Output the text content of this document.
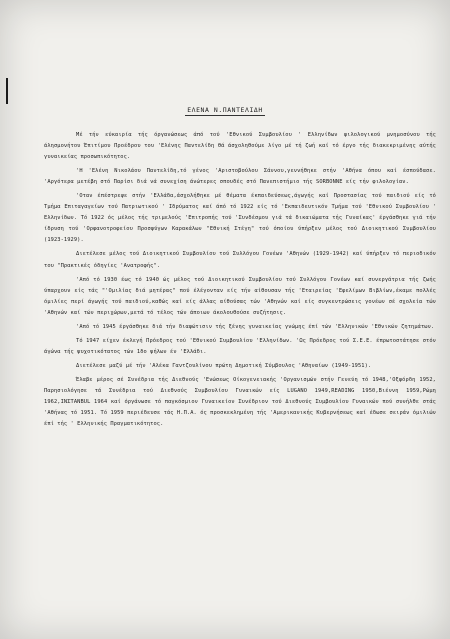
ΕΛΕΝΑ Ν.ΠΑΝΤΕΛΙΔΗ

Μέ τήν εύκαιρία τής όργανώσεως άπό τού 'Εθνικού Συμβουλίου ' Ελληνίδων φιλολογικού μνημοσύνου τής άλησμονήτου Έπιτίμου Προέδρου του 'Ελένης Παντελίδη θά άσχοληθούμε λίγο μέ τή ζωή καί τό έργο τής διακεκριμένης αύτής γυναικείας προσωπικότητος.

'Η 'Ελένη Νικολάου Παντελίδη,τό γένος 'Αριστοβούλου Σάννου,γεννήθηκε στήν 'Αθήνα όπου καί έσπούδασε. 'Αργότερα μετέβη στό Παρίσι διά νά συνεχίση άνώτερες σπουδές στό Πανεπιστήμιο τής SORBONNE είς τήν φιλολογίαν.

'Οταν έπέστρεψε στήν 'Ελλάδα,άσχολήθηκε μέ θέματα έκπαιδεύσεως,άγωγής καί Προστασίας τού παιδιού είς τό Τμήμα Επιταγαγείων τού Πατριωτικού ' Ιδρύματος καί άπό τό 1922 είς τό 'Εκπαιδευτικόν Τμήμα τού 'Εθνικού Συμβουλίου ' Ελληνίδων. Τό 1922 ός μέλος τής τριμελούς 'Επιτροπής τού 'Συνδέσμου γιά τά δικαιώματα τής Γυναίκας' έργάσθηκε γιά τήν ίδρυση τού 'Ορφανοτροφείου Προσφύγων Καρακάλων "Εθνική Στέγη" τού όποίου ύπήρξεν μέλος τού Διοικητικού Συμβουλίου (1923-1929).

Διετέλεσε μέλος τού Διοικητικού Συμβουλίου τού Συλλόγου Γονέων 'Αθηνών (1929-1942) καί ύπήρξεν τό περιοδικόν του "Πρακτικές όδηγίες 'Ανατροφής".

'Από τό 1930 έως τό 1940 ώς μέλος τού Διοικητικού Συμβουλίου τού Συλλόγου Γονέων καί συνεργάτρια τής ζωής ύπαρχουν είς τάς "'Ομιλίας διά μητέρας" πού έλέγονταν είς τήν αίθουσαν τής 'Εταιρείας 'Εφελίμων Βιβλίων,έκαμε πολλές όμιλίες περί άγωγής τού παιδιού,καθώς καί είς άλλας αίθούσας τών 'Αθηνών καί είς συγκεντρώσεις γονέων σέ σχολεία τών 'Αθηνών καί τών περιχώρων,μετά τό τέλος τών άποιων άκολουθούσε συζήτησις.

'Από τό 1945 έργάσθηκε διά τήν διαφώτισιν τής ξένης γυναικείας γνώμης έπί τών 'Ελληνικών 'Εθνικών ζητημάτων.

Τό 1947 είχεν έκλεγή Πρόεδρος τού 'Εθνικού Συμβουλίου 'Ελληνίδων. 'Ως Πρόεδρος τού Σ.Ε.Ε. έπρωτοστάτησε στόν άγώνα τής ψυχοτικότατος τών 1δο ψήλων έν 'Ελλάδι.

Διετέλεσε μαζύ μέ τήν 'Αλέκα Γαντζουλίνου πρώτη Δημοτική Σύμβουλος 'Αθηναίων (1949-1951).

Έλαβε μέρος σέ Συνέδρια τής Διεθνούς 'Ενώσεως Οίκογενειακής 'Οργανισμών στήν Γενεύη τό 1948,'Οξφόρδη 1952, Παρησιολόγησε τά Συνέδρια τού Διεθνούς Συμβουλίου Γυναικών είς LUGANO 1949,READING 1950,Βιέννη 1959,Ρώμη 1962,ΙΝΣΤΑΝΒUL 1964 καί όργάνωσε τό παγκόσμιον Γυναικείον Συνέδριον τού Διεθνούς Συμβουλίου Γυναικών πού συνήλθε στάς 'Αθήνας τό 1951. Τό 1959 περιέδευσε τάς Η.Π.Α. ός προσκεκλημένη τής 'Αμερικανικής Κυβερνήσεως καί έδωσε σειράν όμιλιών έπί τής ' Ελληνικής Πραγματικότητος.
